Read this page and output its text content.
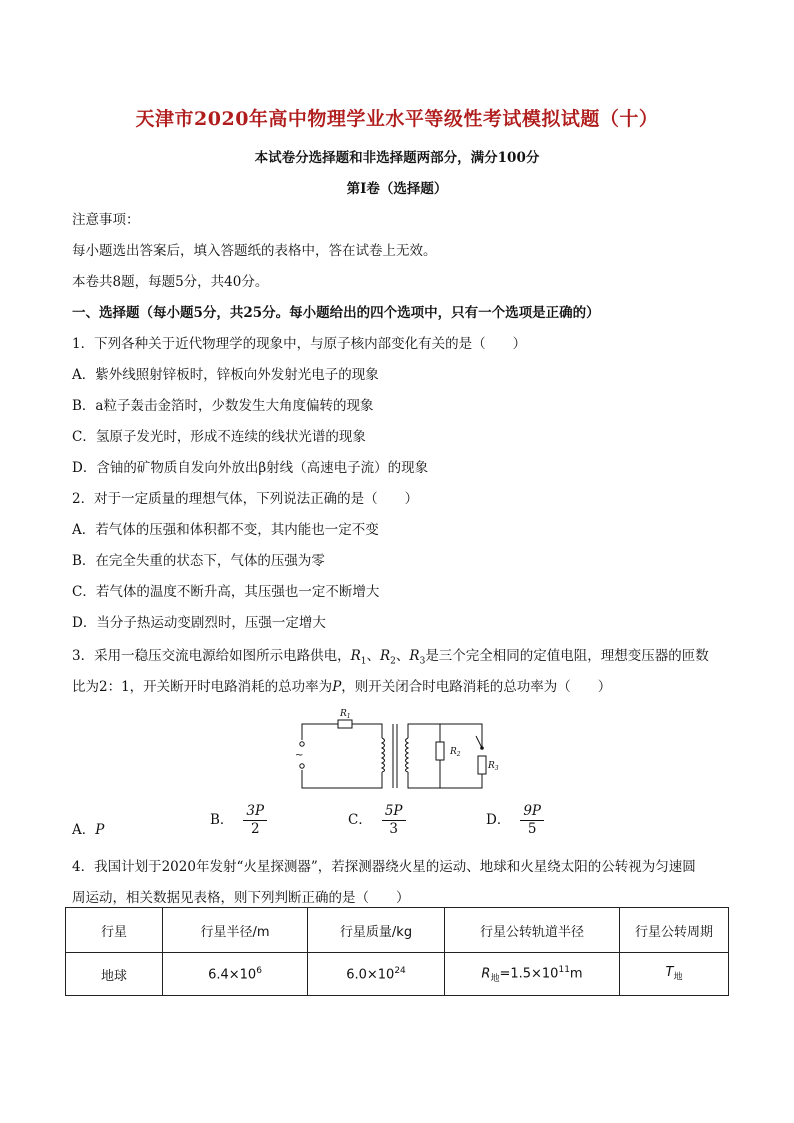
天津市2020年高中物理学业水平等级性考试模拟试题（十）
本试卷分选择题和非选择题两部分，满分100分
第Ⅰ卷（选择题）
注意事项：
每小题选出答案后，填入答题纸的表格中，答在试卷上无效。
本卷共8题，每题5分，共40分。
一、选择题（每小题5分，共25分。每小题给出的四个选项中，只有一个选项是正确的）
1．下列各种关于近代物理学的现象中，与原子核内部变化有关的是（　　）
A．紫外线照射锌板时，锌板向外发射光电子的现象
B．a粒子轰击金箔时，少数发生大角度偏转的现象
C．氢原子发光时，形成不连续的线状光谱的现象
D．含铀的矿物质自发向外放出β射线（高速电子流）的现象
2．对于一定质量的理想气体，下列说法正确的是（　　）
A．若气体的压强和体积都不变，其内能也一定不变
B．在完全失重的状态下，气体的压强为零
C．若气体的温度不断升高，其压强也一定不断增大
D．当分子热运动变剧烈时，压强一定增大
3．采用一稳压交流电源给如图所示电路供电，$R_1$、$R_2$、$R_3$是三个完全相同的定值电阻，理想变压器的匝数
比为2：1，开关断开时电路消耗的总功率为P，则开关闭合时电路消耗的总功率为（　　）
$R_1$
$R_2$
$R_3$
~
A．P
B． $\frac{3P}{2}$	C． $\frac{5P}{3}$	D． $\frac{9P}{5}$
4．我国计划于2020年发射“火星探测器”，若探测器绕火星的运动、地球和火星绕太阳的公转视为匀速圆
周运动，相关数据见表格，则下列判断正确的是（　　）
行星	行星半径/m	行星质量/kg	行星公转轨道半径	行星公转周期
地球	$6.4\times 10^6$	$6.0\times 10^{24}$	$R_地=1.5\times 10^{11}m$	$T_地$
